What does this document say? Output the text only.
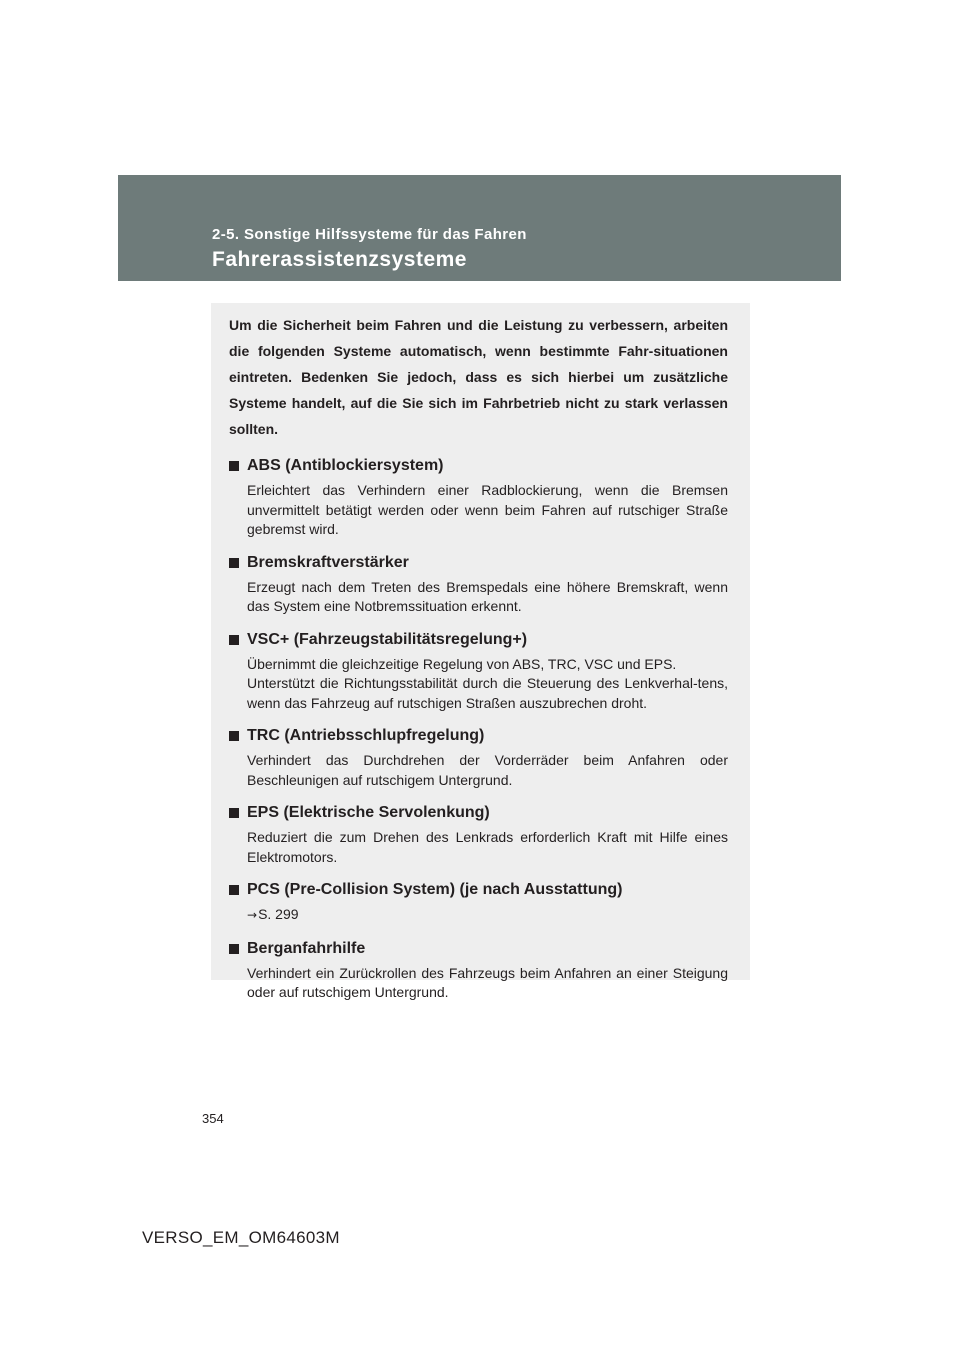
2-5. Sonstige Hilfssysteme für das Fahren

Fahrerassistenzsysteme

Um die Sicherheit beim Fahren und die Leistung zu verbessern, arbeiten die folgenden Systeme automatisch, wenn bestimmte Fahr-situationen eintreten. Bedenken Sie jedoch, dass es sich hierbei um zusätzliche Systeme handelt, auf die Sie sich im Fahrbetrieb nicht zu stark verlassen sollten.

ABS (Antiblockiersystem)

Erleichtert das Verhindern einer Radblockierung, wenn die Bremsen unvermittelt betätigt werden oder wenn beim Fahren auf rutschiger Straße gebremst wird.

Bremskraftverstärker

Erzeugt nach dem Treten des Bremspedals eine höhere Bremskraft, wenn das System eine Notbremssituation erkennt.

VSC+ (Fahrzeugstabilitätsregelung+)

Übernimmt die gleichzeitige Regelung von ABS, TRC, VSC und EPS.

Unterstützt die Richtungsstabilität durch die Steuerung des Lenkverhal-tens, wenn das Fahrzeug auf rutschigen Straßen auszubrechen droht.

TRC (Antriebsschlupfregelung)

Verhindert das Durchdrehen der Vorderräder beim Anfahren oder Beschleunigen auf rutschigem Untergrund.

EPS (Elektrische Servolenkung)

Reduziert die zum Drehen des Lenkrads erforderlich Kraft mit Hilfe eines Elektromotors.

PCS (Pre-Collision System) (je nach Ausstattung)

→S. 299

Berganfahrhilfe

Verhindert ein Zurückrollen des Fahrzeugs beim Anfahren an einer Steigung oder auf rutschigem Untergrund.

354
VERSO_EM_OM64603M
